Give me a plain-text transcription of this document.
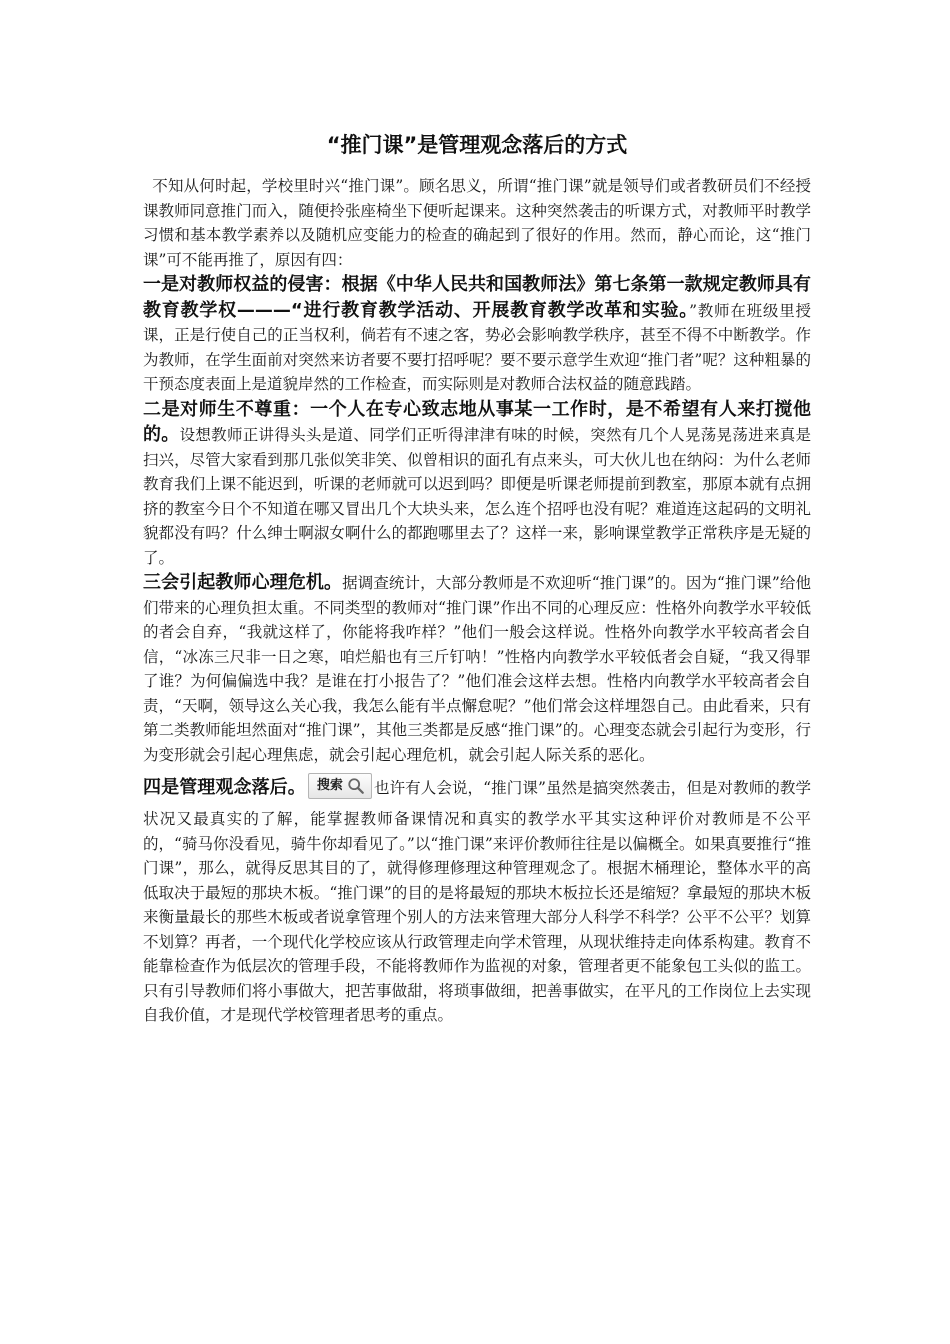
“推门课”是管理观念落后的方式

不知从何时起，学校里时兴“推门课”。顾名思义，所谓“推门课”就是领导们或者教研员们不经授课教师同意推门而入，随便拎张座椅坐下便听起课来。这种突然袭击的听课方式，对教师平时教学习惯和基本教学素养以及随机应变能力的检查的确起到了很好的作用。然而，静心而论，这“推门课”可不能再推了，原因有四：

一是对教师权益的侵害：根据《中华人民共和国教师法》第七条第一款规定教师具有教育教学权———“进行教育教学活动、开展教育教学改革和实验。”教师在班级里授课，正是行使自己的正当权利，倘若有不速之客，势必会影响教学秩序，甚至不得不中断教学。作为教师，在学生面前对突然来访者要不要打招呼呢？要不要示意学生欢迎“推门者”呢？这种粗暴的干预态度表面上是道貌岸然的工作检查，而实际则是对教师合法权益的随意践踏。

二是对师生不尊重：一个人在专心致志地从事某一工作时，是不希望有人来打搅他的。设想教师正讲得头头是道、同学们正听得津津有味的时候，突然有几个人晃荡晃荡进来真是扫兴，尽管大家看到那几张似笑非笑、似曾相识的面孔有点来头，可大伙儿也在纳闷：为什么老师教育我们上课不能迟到，听课的老师就可以迟到吗？即便是听课老师提前到教室，那原本就有点拥挤的教室今日个不知道在哪又冒出几个大块头来，怎么连个招呼也没有呢？难道连这起码的文明礼貌都没有吗？什么绅士啊淑女啊什么的都跑哪里去了？这样一来，影响课堂教学正常秩序是无疑的了。

三会引起教师心理危机。据调查统计，大部分教师是不欢迎听“推门课”的。因为“推门课”给他们带来的心理负担太重。不同类型的教师对“推门课”作出不同的心理反应：性格外向教学水平较低的者会自弃，“我就这样了，你能将我咋样？”他们一般会这样说。性格外向教学水平较高者会自信，“冰冻三尺非一日之寒，咱烂船也有三斤钉呐！”性格内向教学水平较低者会自疑，“我又得罪了谁？为何偏偏选中我？是谁在打小报告了？”他们准会这样去想。性格内向教学水平较高者会自责，“天啊，领导这么关心我，我怎么能有半点懈怠呢？”他们常会这样埋怨自己。由此看来，只有第二类教师能坦然面对“推门课”，其他三类都是反感“推门课”的。心理变态就会引起行为变形，行为变形就会引起心理焦虑，就会引起心理危机，就会引起人际关系的恶化。

四是管理观念落后。 搜索 也许有人会说，“推门课”虽然是搞突然袭击，但是对教师的教学状况又最真实的了解，能掌握教师备课情况和真实的教学水平其实这种评价对教师是不公平的，“骑马你没看见，骑牛你却看见了。”以“推门课”来评价教师往往是以偏概全。如果真要推行“推门课”，那么，就得反思其目的了，就得修理修理这种管理观念了。根据木桶理论，整体水平的高低取决于最短的那块木板。“推门课”的目的是将最短的那块木板拉长还是缩短？拿最短的那块木板来衡量最长的那些木板或者说拿管理个别人的方法来管理大部分人科学不科学？公平不公平？划算不划算？再者，一个现代化学校应该从行政管理走向学术管理，从现状维持走向体系构建。教育不能靠检查作为低层次的管理手段，不能将教师作为监视的对象，管理者更不能象包工头似的监工。只有引导教师们将小事做大，把苦事做甜，将琐事做细，把善事做实，在平凡的工作岗位上去实现自我价值，才是现代学校管理者思考的重点。
